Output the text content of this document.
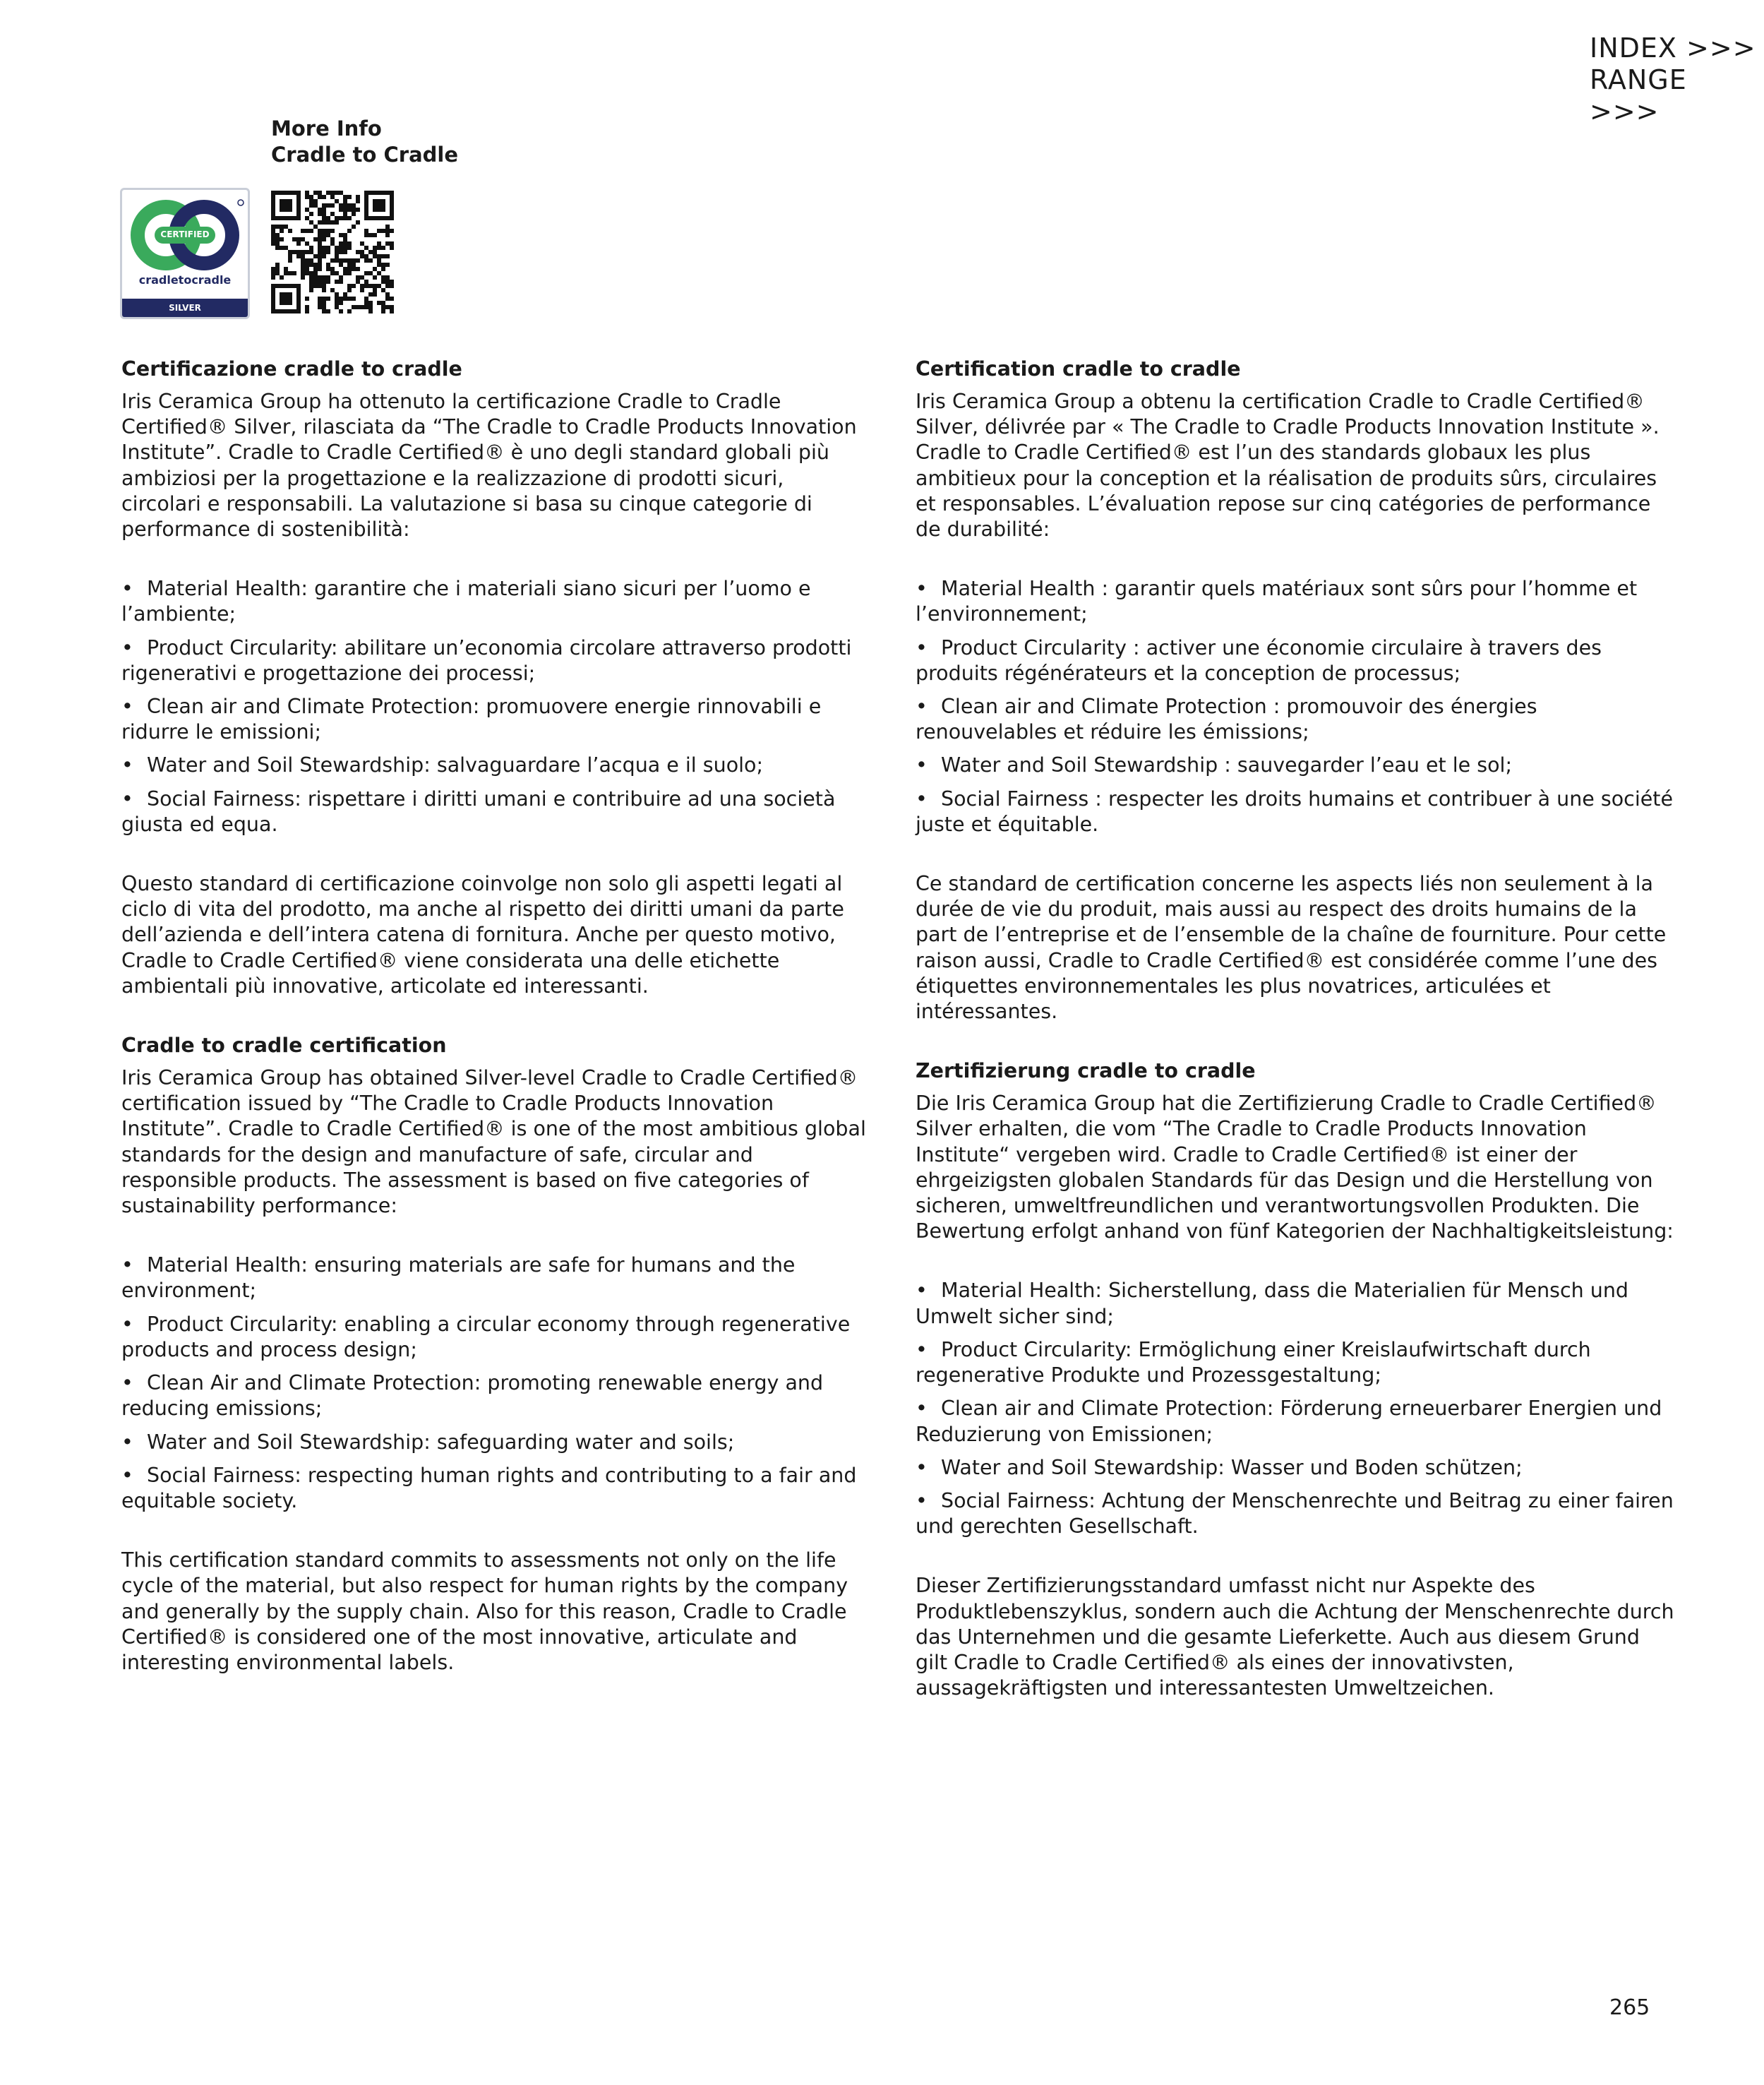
INDEX >>>
RANGE >>>
More Info
Cradle to Cradle
CERTIFIED
cradletocradle
SILVER
Certificazione cradle to cradle

Iris Ceramica Group ha ottenuto la certificazione Cradle to Cradle Certified® Silver, rilasciata da “The Cradle to Cradle Products Innovation Institute”. Cradle to Cradle Certified® è uno degli standard globali più ambiziosi per la progettazione e la realizzazione di prodotti sicuri, circolari e responsabili. La valutazione si basa su cinque categorie di performance di sostenibilità:

• Material Health: garantire che i materiali siano sicuri per l’uomo e l’ambiente;
• Product Circularity: abilitare un’economia circolare attraverso prodotti rigenerativi e progettazione dei processi;
• Clean air and Climate Protection: promuovere energie rinnovabili e ridurre le emissioni;
• Water and Soil Stewardship: salvaguardare l’acqua e il suolo;
• Social Fairness: rispettare i diritti umani e contribuire ad una società giusta ed equa.

Questo standard di certificazione coinvolge non solo gli aspetti legati al ciclo di vita del prodotto, ma anche al rispetto dei diritti umani da parte dell’azienda e dell’intera catena di fornitura. Anche per questo motivo, Cradle to Cradle Certified® viene considerata una delle etichette ambientali più innovative, articolate ed interessanti.

Cradle to cradle certification

Iris Ceramica Group has obtained Silver-level Cradle to Cradle Certified® certification issued by “The Cradle to Cradle Products Innovation Institute”. Cradle to Cradle Certified® is one of the most ambitious global standards for the design and manufacture of safe, circular and responsible products. The assessment is based on five categories of sustainability performance:

• Material Health: ensuring materials are safe for humans and the environment;
• Product Circularity: enabling a circular economy through regenerative products and process design;
• Clean Air and Climate Protection: promoting renewable energy and reducing emissions;
• Water and Soil Stewardship: safeguarding water and soils;
• Social Fairness: respecting human rights and contributing to a fair and equitable society.

This certification standard commits to assessments not only on the life cycle of the material, but also respect for human rights by the company and generally by the supply chain. Also for this reason, Cradle to Cradle Certified® is considered one of the most innovative, articulate and interesting environmental labels.

Certification cradle to cradle

Iris Ceramica Group a obtenu la certification Cradle to Cradle Certified® Silver, délivrée par « The Cradle to Cradle Products Innovation Institute ». Cradle to Cradle Certified® est l’un des standards globaux les plus ambitieux pour la conception et la réalisation de produits sûrs, circulaires et responsables. L’évaluation repose sur cinq catégories de performance de durabilité:

• Material Health : garantir quels matériaux sont sûrs pour l’homme et l’environnement;
• Product Circularity : activer une économie circulaire à travers des produits régénérateurs et la conception de processus;
• Clean air and Climate Protection : promouvoir des énergies renouvelables et réduire les émissions;
• Water and Soil Stewardship : sauvegarder l’eau et le sol;
• Social Fairness : respecter les droits humains et contribuer à une société juste et équitable.

Ce standard de certification concerne les aspects liés non seulement à la durée de vie du produit, mais aussi au respect des droits humains de la part de l’entreprise et de l’ensemble de la chaîne de fourniture. Pour cette raison aussi, Cradle to Cradle Certified® est considérée comme l’une des étiquettes environnementales les plus novatrices, articulées et intéressantes.

Zertifizierung cradle to cradle

Die Iris Ceramica Group hat die Zertifizierung Cradle to Cradle Certified® Silver erhalten, die vom “The Cradle to Cradle Products Innovation Institute“ vergeben wird. Cradle to Cradle Certified® ist einer der ehrgeizigsten globalen Standards für das Design und die Herstellung von sicheren, umweltfreundlichen und verantwortungsvollen Produkten. Die Bewertung erfolgt anhand von fünf Kategorien der Nachhaltigkeitsleistung:

• Material Health: Sicherstellung, dass die Materialien für Mensch und Umwelt sicher sind;
• Product Circularity: Ermöglichung einer Kreislaufwirtschaft durch regenerative Produkte und Prozessgestaltung;
• Clean air and Climate Protection: Förderung erneuerbarer Energien und Reduzierung von Emissionen;
• Water and Soil Stewardship: Wasser und Boden schützen;
• Social Fairness: Achtung der Menschenrechte und Beitrag zu einer fairen und gerechten Gesellschaft.

Dieser Zertifizierungsstandard umfasst nicht nur Aspekte des Produktlebenszyklus, sondern auch die Achtung der Menschenrechte durch das Unternehmen und die gesamte Lieferkette. Auch aus diesem Grund gilt Cradle to Cradle Certified® als eines der innovativsten, aussagekräftigsten und interessantesten Umweltzeichen.

265
